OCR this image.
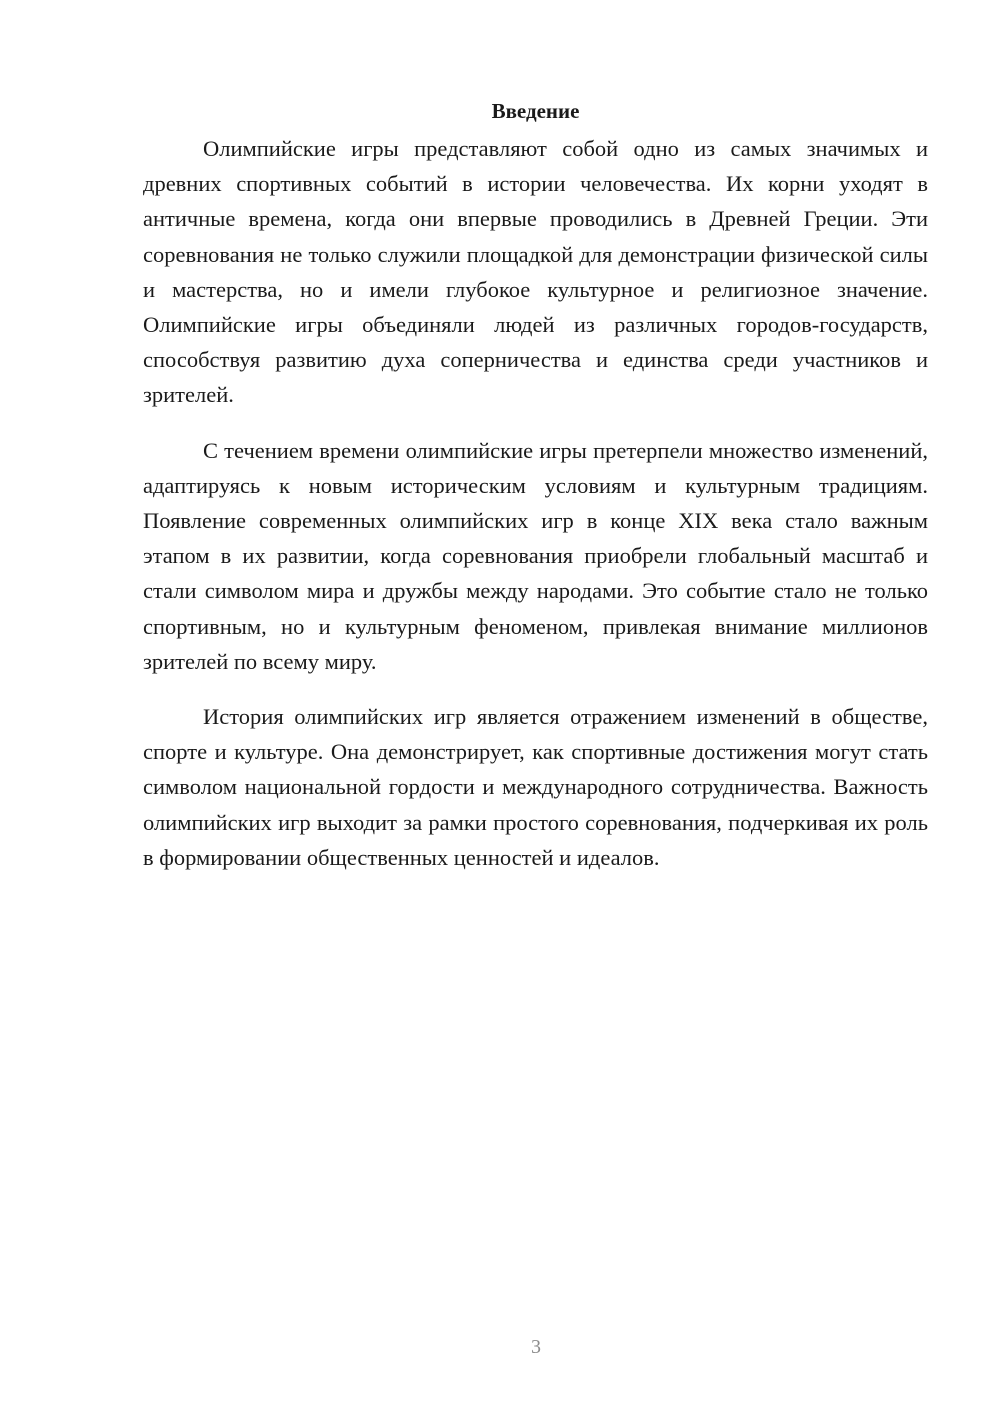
Введение

Олимпийские игры представляют собой одно из самых значимых и древних спортивных событий в истории человечества. Их корни уходят в античные времена, когда они впервые проводились в Древней Греции. Эти соревнования не только служили площадкой для демонстрации физической силы и мастерства, но и имели глубокое культурное и религиозное значение. Олимпийские игры объединяли людей из различных городов-государств, способствуя развитию духа соперничества и единства среди участников и зрителей.

С течением времени олимпийские игры претерпели множество изменений, адаптируясь к новым историческим условиям и культурным традициям. Появление современных олимпийских игр в конце XIX века стало важным этапом в их развитии, когда соревнования приобрели глобальный масштаб и стали символом мира и дружбы между народами. Это событие стало не только спортивным, но и культурным феноменом, привлекая внимание миллионов зрителей по всему миру.

История олимпийских игр является отражением изменений в обществе, спорте и культуре. Она демонстрирует, как спортивные достижения могут стать символом национальной гордости и международного сотрудничества. Важность олимпийских игр выходит за рамки простого соревнования, подчеркивая их роль в формировании общественных ценностей и идеалов.

3
